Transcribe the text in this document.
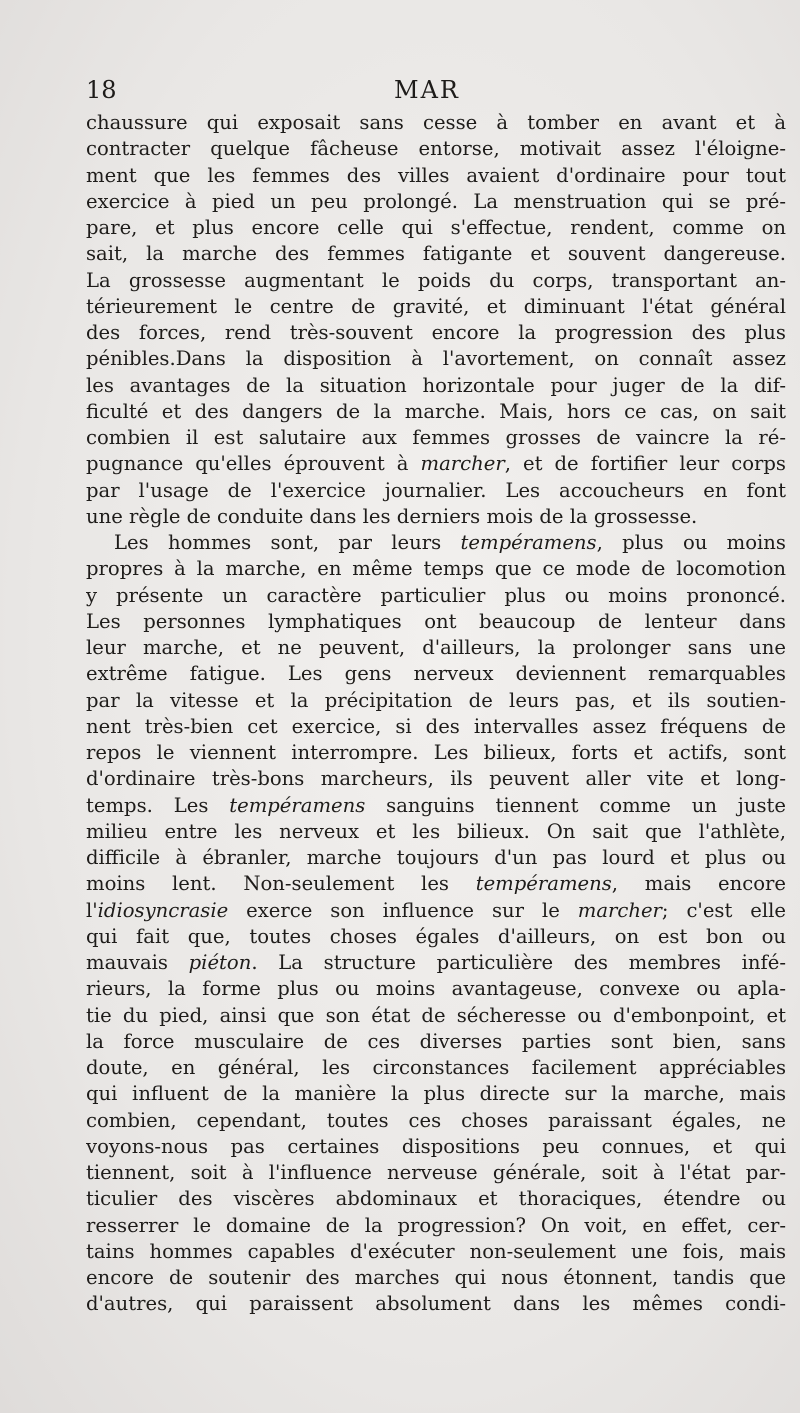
18	MAR
chaussure qui exposait sans cesse à tomber en avant et à
contracter quelque fâcheuse entorse, motivait assez l'éloigne-
ment que les femmes des villes avaient d'ordinaire pour tout
exercice à pied un peu prolongé. La menstruation qui se pré-
pare, et plus encore celle qui s'effectue, rendent, comme on
sait, la marche des femmes fatigante et souvent dangereuse.
La grossesse augmentant le poids du corps, transportant an-
térieurement le centre de gravité, et diminuant l'état général
des forces, rend très-souvent encore la progression des plus
pénibles.Dans la disposition à l'avortement, on connaît assez
les avantages de la situation horizontale pour juger de la dif-
ficulté et des dangers de la marche. Mais, hors ce cas, on sait
combien il est salutaire aux femmes grosses de vaincre la ré-
pugnance qu'elles éprouvent à marcher, et de fortifier leur corps
par l'usage de l'exercice journalier. Les accoucheurs en font
une règle de conduite dans les derniers mois de la grossesse.
Les hommes sont, par leurs tempéramens, plus ou moins
propres à la marche, en même temps que ce mode de locomotion
y présente un caractère particulier plus ou moins prononcé.
Les personnes lymphatiques ont beaucoup de lenteur dans
leur marche, et ne peuvent, d'ailleurs, la prolonger sans une
extrême fatigue. Les gens nerveux deviennent remarquables
par la vitesse et la précipitation de leurs pas, et ils soutien-
nent très-bien cet exercice, si des intervalles assez fréquens de
repos le viennent interrompre. Les bilieux, forts et actifs, sont
d'ordinaire très-bons marcheurs, ils peuvent aller vite et long-
temps. Les tempéramens sanguins tiennent comme un juste
milieu entre les nerveux et les bilieux. On sait que l'athlète,
difficile à ébranler, marche toujours d'un pas lourd et plus ou
moins lent. Non-seulement les tempéramens, mais encore
l'idiosyncrasie exerce son influence sur le marcher; c'est elle
qui fait que, toutes choses égales d'ailleurs, on est bon ou
mauvais piéton. La structure particulière des membres infé-
rieurs, la forme plus ou moins avantageuse, convexe ou apla-
tie du pied, ainsi que son état de sécheresse ou d'embonpoint, et
la force musculaire de ces diverses parties sont bien, sans
doute, en général, les circonstances facilement appréciables
qui influent de la manière la plus directe sur la marche, mais
combien, cependant, toutes ces choses paraissant égales, ne
voyons-nous pas certaines dispositions peu connues, et qui
tiennent, soit à l'influence nerveuse générale, soit à l'état par-
ticulier des viscères abdominaux et thoraciques, étendre ou
resserrer le domaine de la progression? On voit, en effet, cer-
tains hommes capables d'exécuter non-seulement une fois, mais
encore de soutenir des marches qui nous étonnent, tandis que
d'autres, qui paraissent absolument dans les mêmes condi-
